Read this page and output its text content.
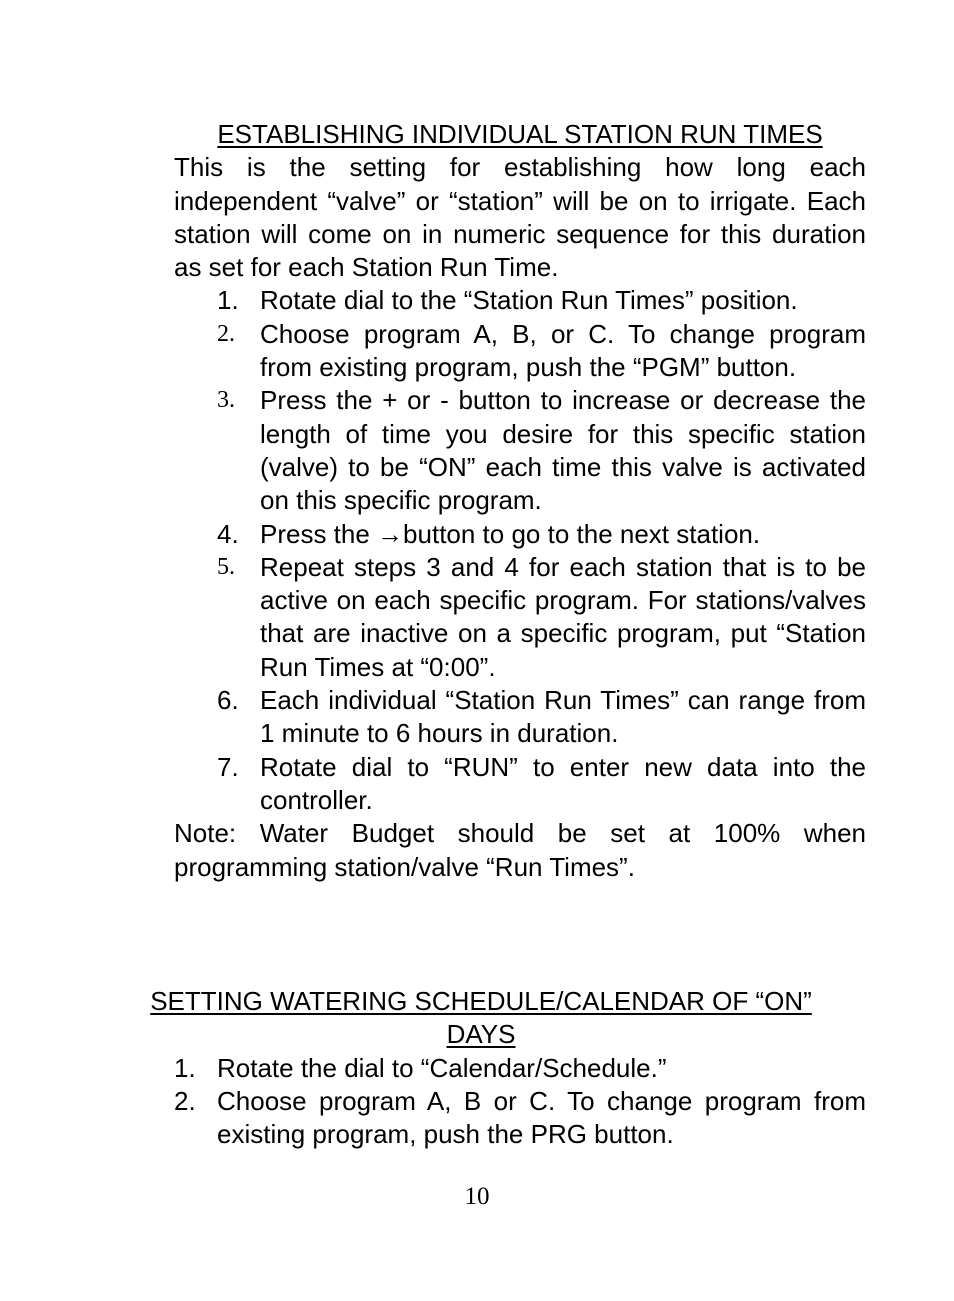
ESTABLISHING INDIVIDUAL STATION RUN TIMES

This is the setting for establishing how long each independent “valve” or “station” will be on to irrigate. Each station will come on in numeric sequence for this duration as set for each Station Run Time.

1. Rotate dial to the “Station Run Times” position.
2. Choose program A, B, or C. To change program from existing program, push the “PGM” button.
3. Press the + or - button to increase or decrease the length of time you desire for this specific station (valve) to be “ON” each time this valve is activated on this specific program.
4. Press the →button to go to the next station.
5. Repeat steps 3 and 4 for each station that is to be active on each specific program. For stations/valves that are inactive on a specific program, put “Station Run Times at “0:00”.
6. Each individual “Station Run Times” can range from 1 minute to 6 hours in duration.
7. Rotate dial to “RUN” to enter new data into the controller.

Note: Water Budget should be set at 100% when programming station/valve “Run Times”.

SETTING WATERING SCHEDULE/CALENDAR OF “ON”

DAYS

1. Rotate the dial to “Calendar/Schedule.”
2. Choose program A, B or C. To change program from existing program, push the PRG button.
10
